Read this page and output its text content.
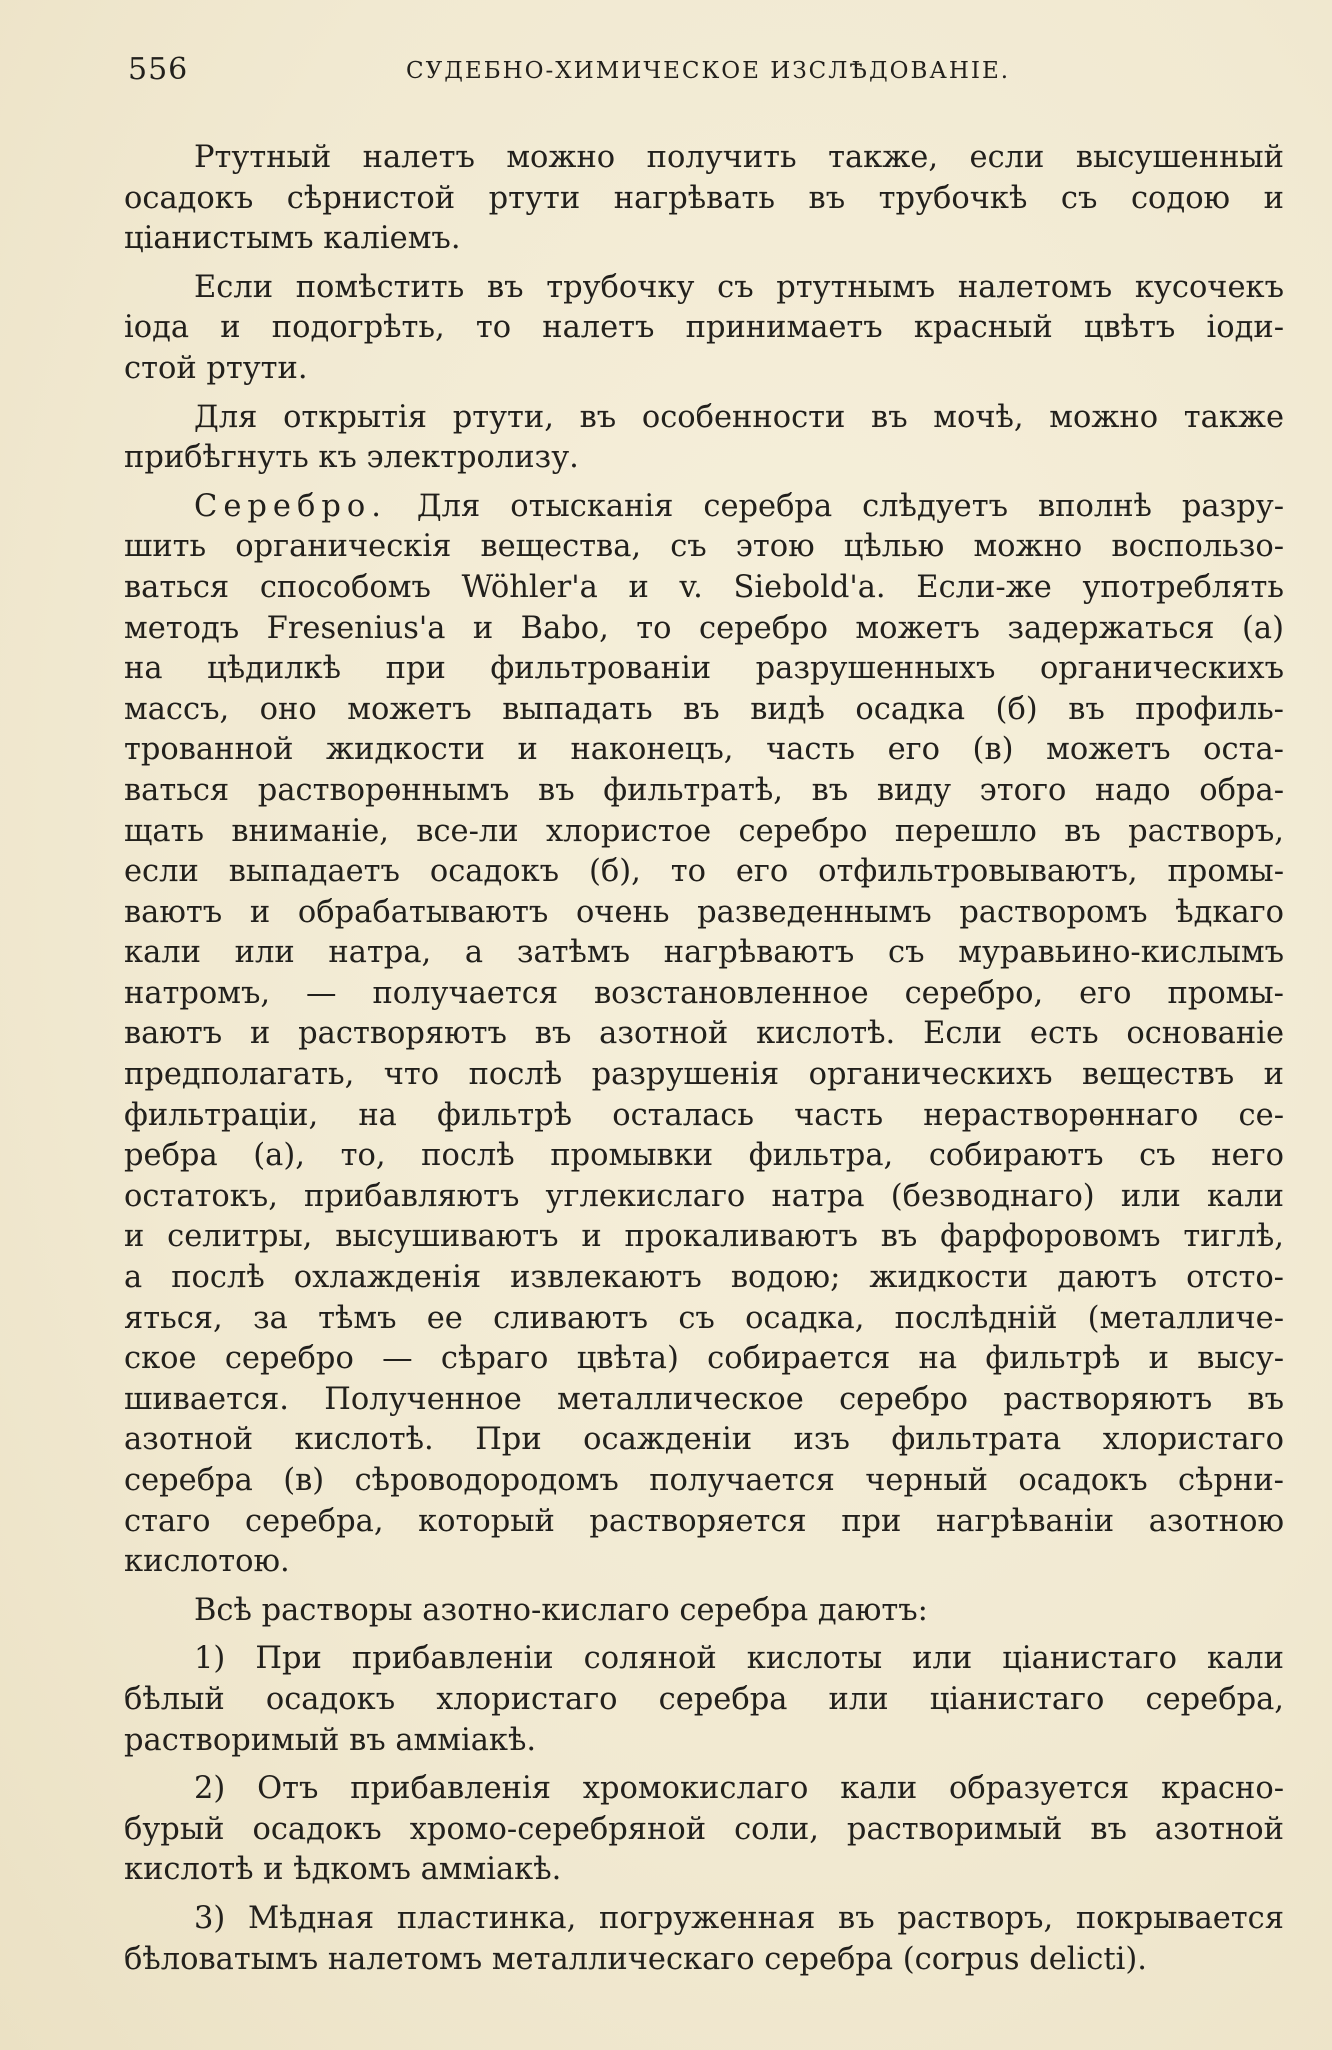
556	СУДЕБНО-ХИМИЧЕСКОЕ ИЗСЛѢДОВАНІЕ.

Ртутный налетъ можно получить также, если высушенный
осадокъ сѣрнистой ртути нагрѣвать въ трубочкѣ съ содою и
ціанистымъ каліемъ.

Если помѣстить въ трубочку съ ртутнымъ налетомъ кусочекъ
іода и подогрѣть, то налетъ принимаетъ красный цвѣтъ іоди-
стой ртути.

Для открытія ртути, въ особенности въ мочѣ, можно также
прибѣгнуть къ электролизу.

Серебро. Для отысканія серебра слѣдуетъ вполнѣ разру-
шить органическія вещества, съ этою цѣлью можно воспользо-
ваться способомъ Wöhler'a и v. Siebold'a. Если-же употреблять
методъ Fresenius'a и Babo, то серебро можетъ задержаться (а)
на цѣдилкѣ при фильтрованіи разрушенныхъ органическихъ
массъ, оно можетъ выпадать въ видѣ осадка (б) въ профиль-
трованной жидкости и наконецъ, часть его (в) можетъ оста-
ваться растворѳннымъ въ фильтратѣ, въ виду этого надо обра-
щать вниманіе, все-ли хлористое серебро перешло въ растворъ,
если выпадаетъ осадокъ (б), то его отфильтровываютъ, промы-
ваютъ и обрабатываютъ очень разведеннымъ растворомъ ѣдкаго
кали или натра, а затѣмъ нагрѣваютъ съ муравьино-кислымъ
натромъ, — получается возстановленное серебро, его промы-
ваютъ и растворяютъ въ азотной кислотѣ. Если есть основаніе
предполагать, что послѣ разрушенія органическихъ веществъ и
фильтраціи, на фильтрѣ осталась часть нерастворѳннаго се-
ребра (а), то, послѣ промывки фильтра, собираютъ съ него
остатокъ, прибавляютъ углекислаго натра (безводнаго) или кали
и селитры, высушиваютъ и прокаливаютъ въ фарфоровомъ тиглѣ,
а послѣ охлажденія извлекаютъ водою; жидкости даютъ отсто-
яться, за тѣмъ ее сливаютъ съ осадка, послѣдній (металличе-
ское серебро — сѣраго цвѣта) собирается на фильтрѣ и высу-
шивается. Полученное металлическое серебро растворяютъ въ
азотной кислотѣ. При осажденіи изъ фильтрата хлористаго
серебра (в) сѣроводородомъ получается черный осадокъ сѣрни-
стаго серебра, который растворяется при нагрѣваніи азотною
кислотою.

Всѣ растворы азотно-кислаго серебра даютъ:

1) При прибавленіи соляной кислоты или ціанистаго кали
бѣлый осадокъ хлористаго серебра или ціанистаго серебра,
растворимый въ амміакѣ.

2) Отъ прибавленія хромокислаго кали образуется красно-
бурый осадокъ хромо-серебряной соли, растворимый въ азотной
кислотѣ и ѣдкомъ амміакѣ.

3) Мѣдная пластинка, погруженная въ растворъ, покрывается
бѣловатымъ налетомъ металлическаго серебра (corpus delicti).
